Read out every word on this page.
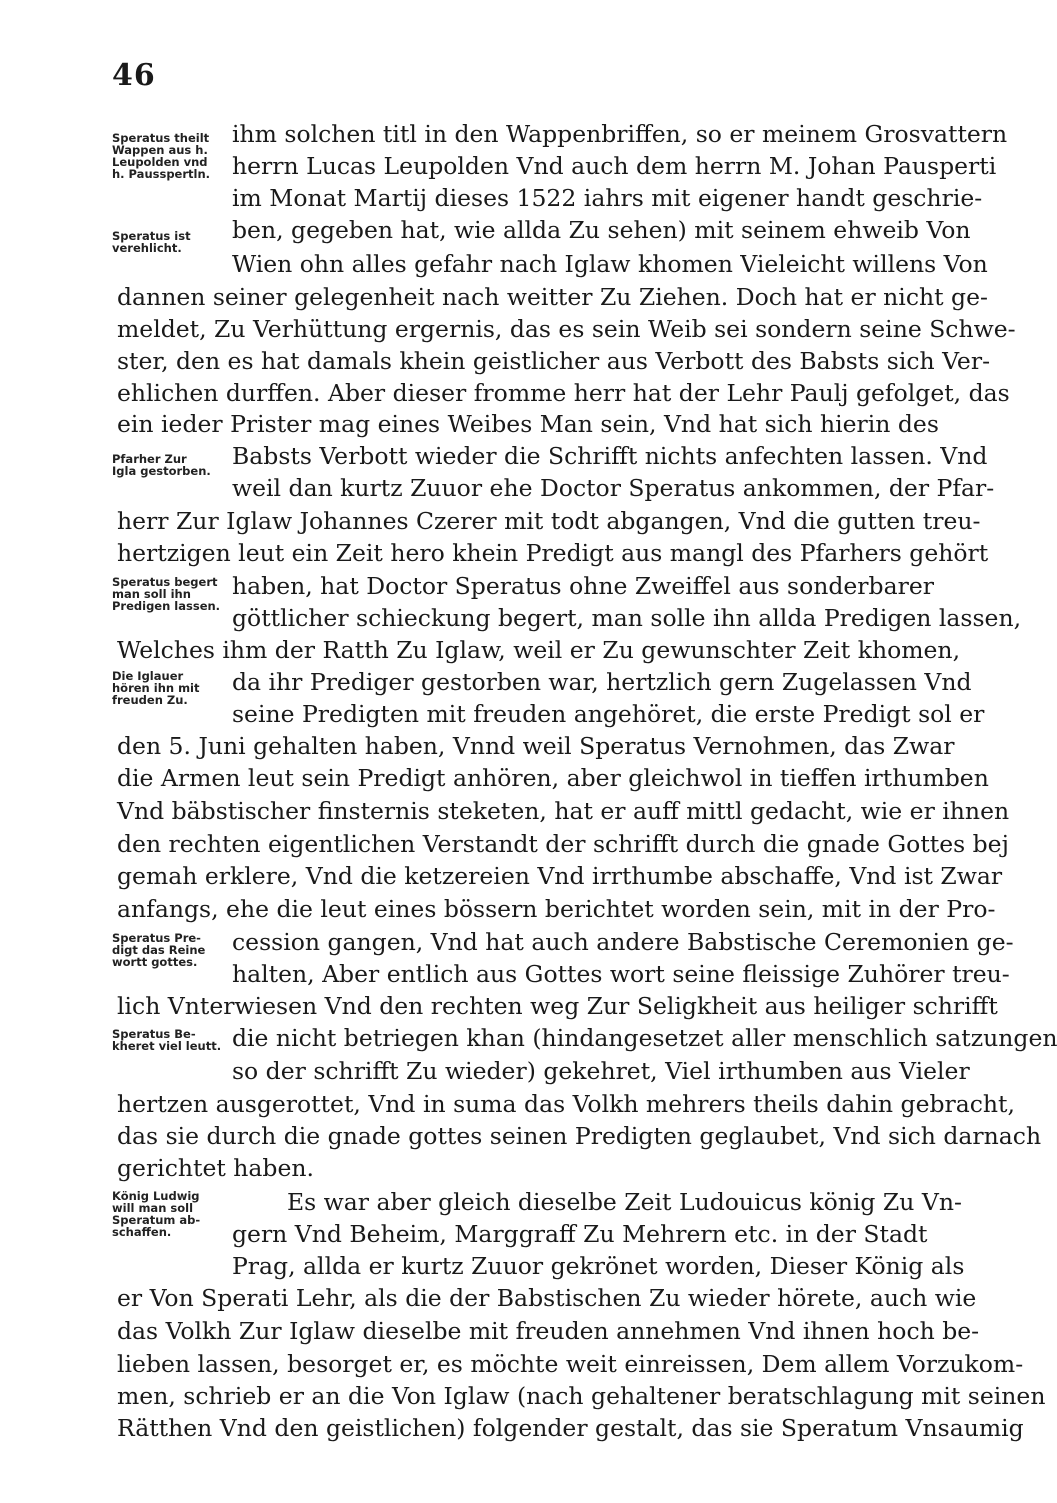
46
Speratus theilt
Wappen aus h.
Leupolden vnd
h. Pausspertln.
Speratus ist
verehlicht.
Pfarher Zur
Igla gestorben.
Speratus begert
man soll ihn
Predigen lassen.
Die Iglauer
hören ihn mit
freuden Zu.
Speratus Pre-
digt das Reine
wortt gottes.
Speratus Be-
kheret viel leutt.
König Ludwig
will man soll
Speratum ab-
schaffen.
ihm solchen titl in den Wappenbriffen, so er meinem Grosvattern
herrn Lucas Leupolden Vnd auch dem herrn M. Johan Pausperti
im Monat Martij dieses 1522 iahrs mit eigener handt geschrie-
ben, gegeben hat, wie allda Zu sehen) mit seinem ehweib Von
Wien ohn alles gefahr nach Iglaw khomen Vieleicht willens Von
dannen seiner gelegenheit nach weitter Zu Ziehen. Doch hat er nicht ge-
meldet, Zu Verhüttung ergernis, das es sein Weib sei sondern seine Schwe-
ster, den es hat damals khein geistlicher aus Verbott des Babsts sich Ver-
ehlichen durffen. Aber dieser fromme herr hat der Lehr Paulj gefolget, das
ein ieder Prister mag eines Weibes Man sein, Vnd hat sich hierin des
Babsts Verbott wieder die Schrifft nichts anfechten lassen. Vnd
weil dan kurtz Zuuor ehe Doctor Speratus ankommen, der Pfar-
herr Zur Iglaw Johannes Czerer mit todt abgangen, Vnd die gutten treu-
hertzigen leut ein Zeit hero khein Predigt aus mangl des Pfarhers gehört
haben, hat Doctor Speratus ohne Zweiffel aus sonderbarer
göttlicher schieckung begert, man solle ihn allda Predigen lassen,
Welches ihm der Ratth Zu Iglaw, weil er Zu gewunschter Zeit khomen,
da ihr Prediger gestorben war, hertzlich gern Zugelassen Vnd
seine Predigten mit freuden angehöret, die erste Predigt sol er
den 5. Juni gehalten haben, Vnnd weil Speratus Vernohmen, das Zwar
die Armen leut sein Predigt anhören, aber gleichwol in tieffen irthumben
Vnd bäbstischer finsternis steketen, hat er auff mittl gedacht, wie er ihnen
den rechten eigentlichen Verstandt der schrifft durch die gnade Gottes bej
gemah erklere, Vnd die ketzereien Vnd irrthumbe abschaffe, Vnd ist Zwar
anfangs, ehe die leut eines bössern berichtet worden sein, mit in der Pro-
cession gangen, Vnd hat auch andere Babstische Ceremonien ge-
halten, Aber entlich aus Gottes wort seine fleissige Zuhörer treu-
lich Vnterwiesen Vnd den rechten weg Zur Seligkheit aus heiliger schrifft
die nicht betriegen khan (hindangesetzet aller menschlich satzungen
so der schrifft Zu wieder) gekehret, Viel irthumben aus Vieler
hertzen ausgerottet, Vnd in suma das Volkh mehrers theils dahin gebracht,
das sie durch die gnade gottes seinen Predigten geglaubet, Vnd sich darnach
gerichtet haben.
Es war aber gleich dieselbe Zeit Ludouicus könig Zu Vn-
gern Vnd Beheim, Marggraff Zu Mehrern etc. in der Stadt
Prag, allda er kurtz Zuuor gekrönet worden, Dieser König als
er Von Sperati Lehr, als die der Babstischen Zu wieder hörete, auch wie
das Volkh Zur Iglaw dieselbe mit freuden annehmen Vnd ihnen hoch be-
lieben lassen, besorget er, es möchte weit einreissen, Dem allem Vorzukom-
men, schrieb er an die Von Iglaw (nach gehaltener beratschlagung mit seinen
Rätthen Vnd den geistlichen) folgender gestalt, das sie Speratum Vnsaumig
